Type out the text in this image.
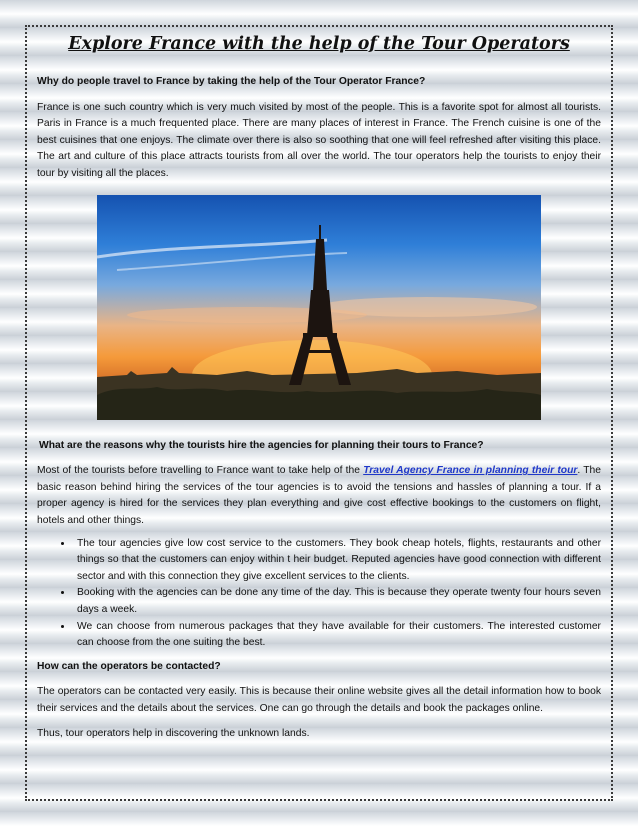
Explore France with the help of the Tour Operators

Why do people travel to France by taking the help of the Tour Operator France?

France is one such country which is very much visited by most of the people. This is a favorite spot for almost all tourists. Paris in France is a much frequented place. There are many places of interest in France. The French cuisine is one of the best cuisines that one enjoys. The climate over there is also so soothing that one will feel refreshed after visiting this place. The art and culture of this place attracts tourists from all over the world. The tour operators help the tourists to enjoy their tour by visiting all the places.

What are the reasons why the tourists hire the agencies for planning their tours to France?

Most of the tourists before travelling to France want to take help of the Travel Agency France in planning their tour. The basic reason behind hiring the services of the tour agencies is to avoid the tensions and hassles of planning a tour. If a proper agency is hired for the services they plan everything and give cost effective bookings to the customers on flight, hotels and other things.

• The tour agencies give low cost service to the customers. They book cheap hotels, flights, restaurants and other things so that the customers can enjoy within t heir budget. Reputed agencies have good connection with different sector and with this connection they give excellent services to the clients.
• Booking with the agencies can be done any time of the day. This is because they operate twenty four hours seven days a week.
• We can choose from numerous packages that they have available for their customers. The interested customer can choose from the one suiting the best.

How can the operators be contacted?

The operators can be contacted very easily. This is because their online website gives all the detail information how to book their services and the details about the services. One can go through the details and book the packages online.

Thus, tour operators help in discovering the unknown lands.
